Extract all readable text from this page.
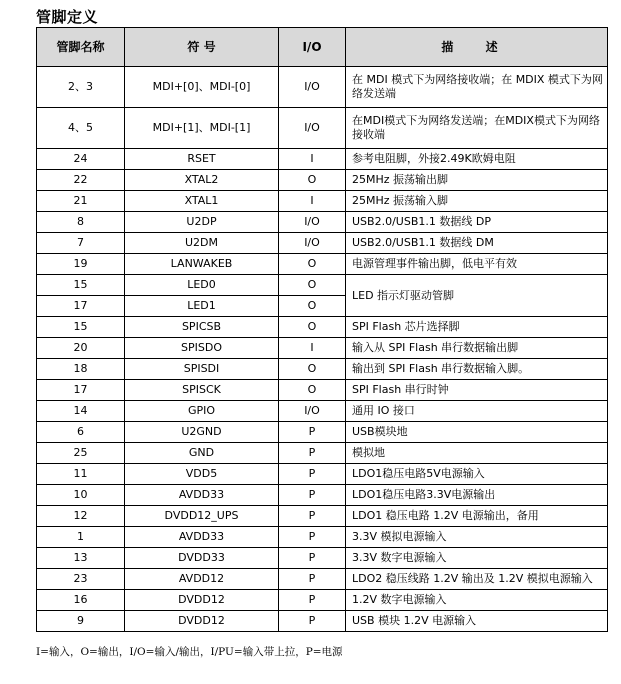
管脚定义
管脚名称	符 号	I/O	描 述
2、3	MDI+[0]、MDI-[0]	I/O	在 MDI 模式下为网络接收端；在 MDIX 模式下为网络发送端
4、5	MDI+[1]、MDI-[1]	I/O	在MDI模式下为网络发送端；在MDIX模式下为网络接收端
24	RSET	I	参考电阻脚，外接2.49K欧姆电阻
22	XTAL2	O	25MHz 振荡输出脚
21	XTAL1	I	25MHz 振荡输入脚
8	U2DP	I/O	USB2.0/USB1.1 数据线 DP
7	U2DM	I/O	USB2.0/USB1.1 数据线 DM
19	LANWAKEB	O	电源管理事件输出脚，低电平有效
15	LED0	O	LED 指示灯驱动管脚
17	LED1	O	
15	SPICSB	O	SPI Flash 芯片选择脚
20	SPISDO	I	输入从 SPI Flash 串行数据输出脚
18	SPISDI	O	输出到 SPI Flash 串行数据输入脚。
17	SPISCK	O	SPI Flash 串行时钟
14	GPIO	I/O	通用 IO 接口
6	U2GND	P	USB模块地
25	GND	P	模拟地
11	VDD5	P	LDO1稳压电路5V电源输入
10	AVDD33	P	LDO1稳压电路3.3V电源输出
12	DVDD12_UPS	P	LDO1 稳压电路 1.2V 电源输出，备用
1	AVDD33	P	3.3V 模拟电源输入
13	DVDD33	P	3.3V 数字电源输入
23	AVDD12	P	LDO2 稳压线路 1.2V 输出及 1.2V 模拟电源输入
16	DVDD12	P	1.2V 数字电源输入
9	DVDD12	P	USB 模块 1.2V 电源输入
I=输入，O=输出，I/O=输入/输出，I/PU=输入带上拉，P=电源
